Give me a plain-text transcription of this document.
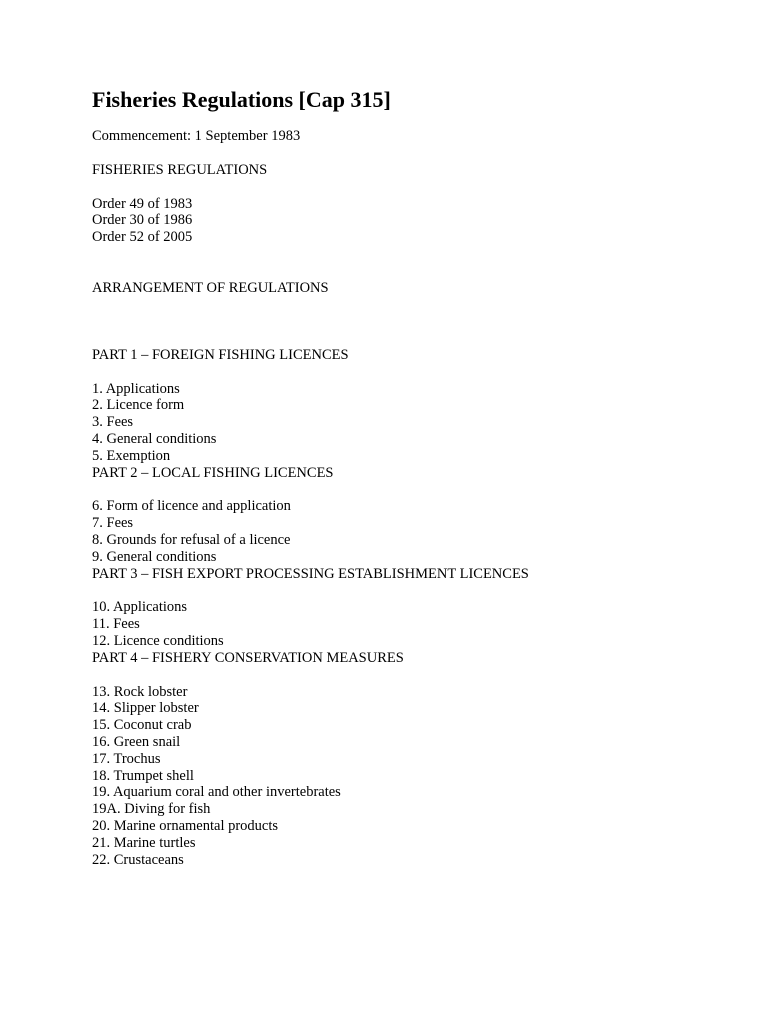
Fisheries Regulations [Cap 315]
Commencement: 1 September 1983
FISHERIES REGULATIONS
Order 49 of 1983
Order 30 of 1986
Order 52 of 2005
ARRANGEMENT OF REGULATIONS
PART 1 – FOREIGN FISHING LICENCES
1. Applications
2. Licence form
3. Fees
4. General conditions
5. Exemption
PART 2 – LOCAL FISHING LICENCES
6. Form of licence and application
7. Fees
8. Grounds for refusal of a licence
9. General conditions
PART 3 – FISH EXPORT PROCESSING ESTABLISHMENT LICENCES
10. Applications
11. Fees
12. Licence conditions
PART 4 – FISHERY CONSERVATION MEASURES
13. Rock lobster
14. Slipper lobster
15. Coconut crab
16. Green snail
17. Trochus
18. Trumpet shell
19. Aquarium coral and other invertebrates
19A. Diving for fish
20. Marine ornamental products
21. Marine turtles
22. Crustaceans
